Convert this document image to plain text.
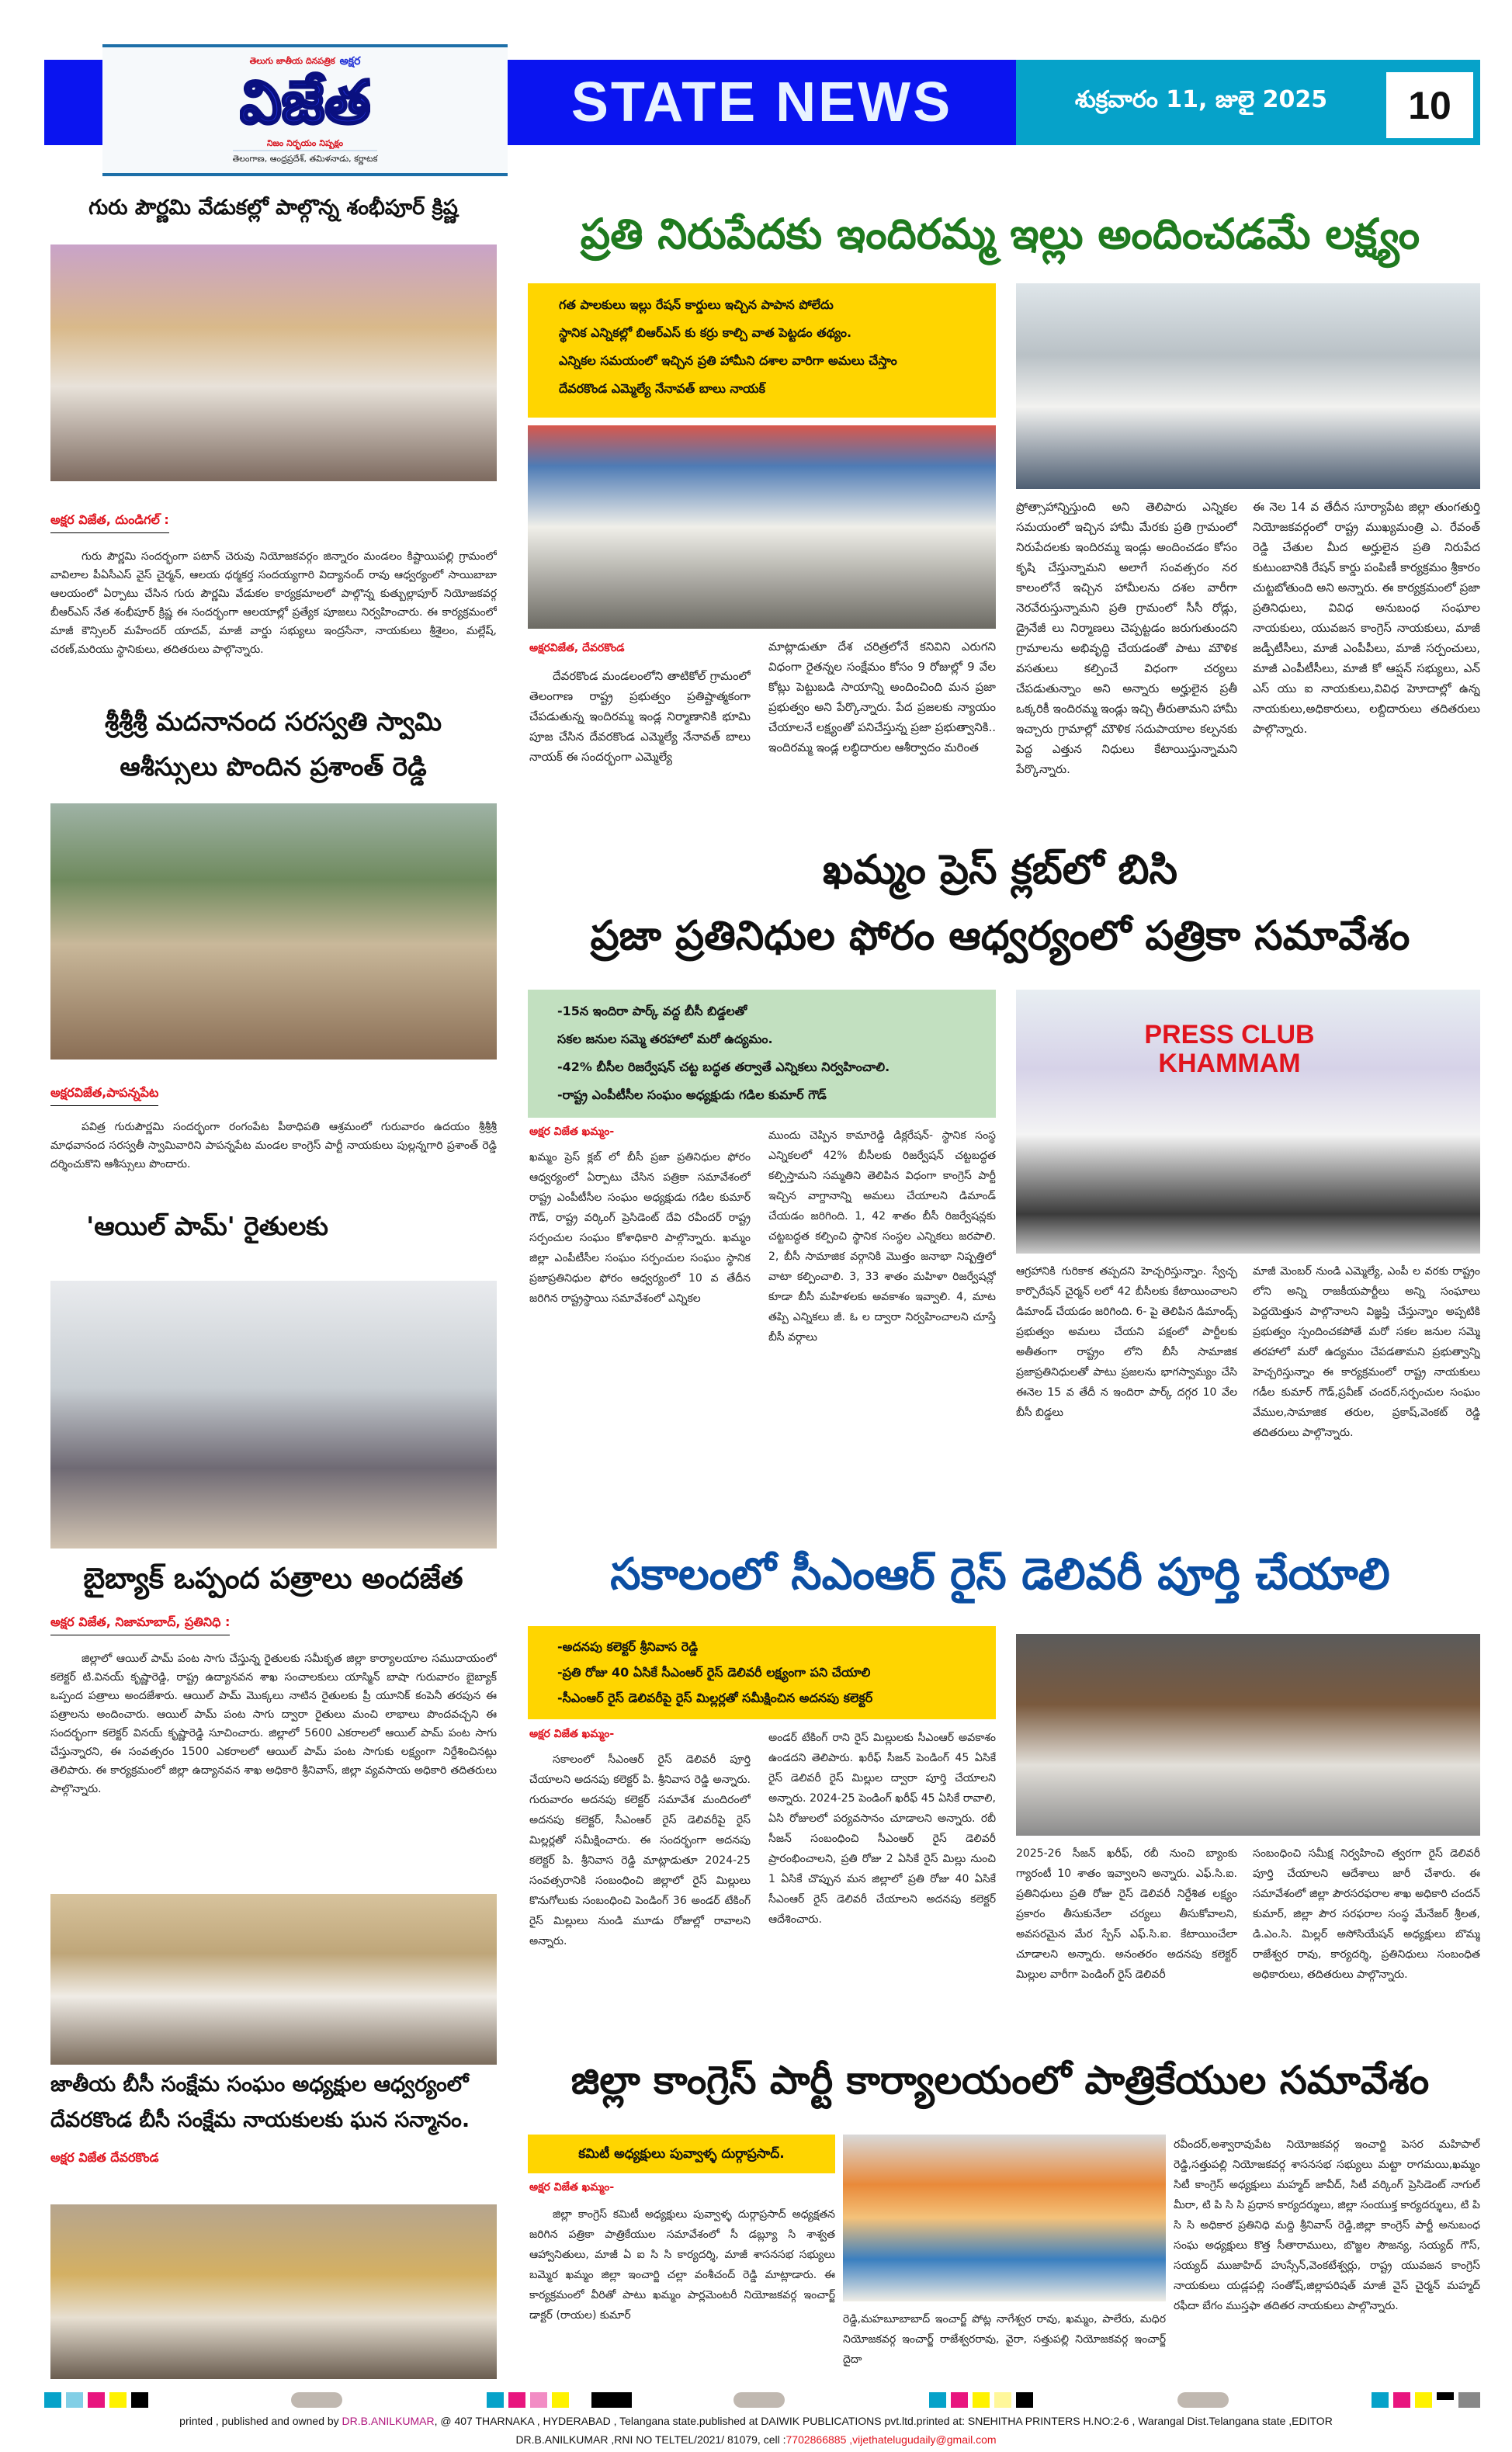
తెలుగు జాతీయ దినపత్రిక అక్షర
విజేత
నిజం నిర్భయం నిష్పక్షం
తెలంగాణ, ఆంధ్రప్రదేశ్, తమిళనాడు, కర్ణాటక
STATE NEWS	శుక్రవారం 11, జులై 2025	10
గురు పౌర్ణమి వేడుకల్లో పాల్గొన్న శంభీపూర్ క్రిష్ణ
అక్షర విజేత, దుండిగల్ :
గురు పౌర్ణమి సందర్భంగా పటాన్ చెరువు నియోజకవర్గం జిన్నారం మండలం కిష్టాయిపల్లి గ్రామంలో వావిలాల పీఏసీఎస్ వైస్ చైర్మన్, ఆలయ ధర్మకర్త సందయ్యగారి విద్యానంద్ రావు ఆధ్వర్యంలో సాయిబాబా ఆలయంలో ఏర్పాటు చేసిన గురు పౌర్ణమి వేడుకల కార్యక్రమాలలో పాల్గొన్న కుత్బుల్లాపూర్ నియోజకవర్గ బీఆర్ఎస్ నేత శంభీపూర్ క్రిష్ణ ఈ సందర్భంగా ఆలయాల్లో ప్రత్యేక పూజలు నిర్వహించారు. ఈ కార్యక్రమంలో మాజీ కౌన్సిలర్ మహేందర్ యాదవ్, మాజీ వార్డు సభ్యులు ఇంద్రసేనా, నాయకులు శ్రీశైలం, మల్లేష్, చరణ్,మరియు స్థానికులు, తదితరులు పాల్గొన్నారు.
శ్రీశ్రీశ్రీ మదనానంద సరస్వతి స్వామి
ఆశీస్సులు పొందిన ప్రశాంత్ రెడ్డి
అక్షరవిజేత,పాపన్నపేట
పవిత్ర గురుపౌర్ణమి సందర్భంగా రంగంపేట పీఠాధిపతి ఆశ్రమంలో గురువారం ఉదయం శ్రీశ్రీశ్రీ మాధవానంద సరస్వతీ స్వామివారిని పాపన్నపేట మండల కాంగ్రెస్ పార్టీ నాయకులు పుల్లన్నగారి ప్రశాంత్ రెడ్డి దర్శించుకొని ఆశీస్సులు పొందారు.
'ఆయిల్ పామ్' రైతులకు
బైబ్యాక్ ఒప్పంద పత్రాలు అందజేత
అక్షర విజేత, నిజామాబాద్, ప్రతినిధి :
జిల్లాలో ఆయిల్ పామ్ పంట సాగు చేస్తున్న రైతులకు సమీకృత జిల్లా కార్యాలయాల సముదాయంలో కలెక్టర్ టి.వినయ్ కృష్ణారెడ్డి, రాష్ట్ర ఉద్యానవన శాఖ సంచాలకులు యాస్మిన్ బాషా గురువారం బైబ్యాక్ ఒప్పంద పత్రాలు అందజేశారు. ఆయిల్ పామ్ మొక్కలు నాటిన రైతులకు ప్రీ యూనిక్ కంపెనీ తరపున ఈ పత్రాలను అందించారు. ఆయిల్ పామ్ పంట సాగు ద్వారా రైతులు మంచి లాభాలు పొందవచ్చని ఈ సందర్భంగా కలెక్టర్ వినయ్ కృష్ణారెడ్డి సూచించారు. జిల్లాలో 5600 ఎకరాలలో ఆయిల్ పామ్ పంట సాగు చేస్తున్నారని, ఈ సంవత్సరం 1500 ఎకరాలలో ఆయిల్ పామ్ పంట సాగుకు లక్ష్యంగా నిర్దేశించినట్లు తెలిపారు. ఈ కార్యక్రమంలో జిల్లా ఉద్యానవన శాఖ అధికారి శ్రీనివాస్, జిల్లా వ్యవసాయ అధికారి తదితరులు పాల్గొన్నారు.
జాతీయ బీసీ సంక్షేమ సంఘం అధ్యక్షుల ఆధ్వర్యంలో
దేవరకొండ బీసీ సంక్షేమ నాయకులకు ఘన సన్మానం.
అక్షర విజేత దేవరకొండ
ప్రతి నిరుపేదకు ఇందిరమ్మ ఇల్లు అందించడమే లక్ష్యం
గత పాలకులు ఇల్లు రేషన్ కార్డులు ఇచ్చిన పాపాన పోలేదు
స్థానిక ఎన్నికల్లో బిఆర్ఎస్ కు కర్రు కాల్చి వాత పెట్టడం తథ్యం.
ఎన్నికల సమయంలో ఇచ్చిన ప్రతి హామీని దశాల వారిగా అమలు చేస్తాం
దేవరకొండ ఎమ్మెల్యే నేనావత్ బాలు నాయక్
అక్షరవిజేత, దేవరకొండ
దేవరకొండ మండలంలోని తాటికోల్ గ్రామంలో తెలంగాణ రాష్ట్ర ప్రభుత్వం ప్రతిష్టాత్మకంగా చేపడుతున్న ఇందిరమ్మ ఇండ్ల నిర్మాణానికి భూమి పూజ చేసిన దేవరకొండ ఎమ్మెల్యే నేనావత్ బాలు నాయక్ ఈ సందర్భంగా ఎమ్మెల్యే
మాట్లాడుతూ దేశ చరిత్రలోనే కనివిని ఎరుగని విధంగా రైతన్నల సంక్షేమం కోసం 9 రోజుల్లో 9 వేల కోట్లు పెట్టుబడి సాయాన్ని అందించింది మన ప్రజా ప్రభుత్వం అని పేర్కొన్నారు. పేద ప్రజలకు న్యాయం చేయాలనే లక్ష్యంతో పనిచేస్తున్న ప్రజా ప్రభుత్వానికి.. ఇందిరమ్మ ఇండ్ల లబ్ధిదారుల ఆశీర్వాదం మరింత
ప్రోత్సాహాన్నిస్తుంది అని తెలిపారు ఎన్నికల సమయంలో ఇచ్చిన హామీ మేరకు ప్రతి గ్రామంలో నిరుపేదలకు ఇందిరమ్మ ఇండ్లు అందించడం కోసం కృషి చేస్తున్నామని అలాగే సంవత్సరం నర కాలంలోనే ఇచ్చిన హామీలను దశల వారీగా నెరవేరుస్తున్నామని ప్రతి గ్రామంలో సీసీ రోడ్లు, డ్రైనేజీ లు నిర్మాణలు చెప్పట్టడం జరుగుతుందని గ్రామాలను అభివృద్ధి చేయడంతో పాటు మౌళిక వసతులు కల్పించే విధంగా చర్యలు చేపడుతున్నాం అని అన్నారు అర్హులైన ప్రతీ ఒక్కరికీ ఇందిరమ్మ ఇండ్లు ఇచ్చి తీరుతామని హామీ ఇచ్చారు గ్రామాల్లో మౌళిక సదుపాయాల కల్పనకు పెద్ద ఎత్తున నిధులు కేటాయిస్తున్నామని పేర్కొన్నారు.
ఈ నెల 14 వ తేదీన సూర్యాపేట జిల్లా తుంగతుర్తి నియోజకవర్గంలో రాష్ట్ర ముఖ్యమంత్రి ఎ. రేవంత్ రెడ్డి చేతుల మీద అర్హులైన ప్రతి నిరుపేద కుటుంబానికి రేషన్ కార్డు పంపిణీ కార్యక్రమం శ్రీకారం చుట్టబోతుంది అని అన్నారు. ఈ కార్యక్రమంలో ప్రజా ప్రతినిధులు, వివిధ అనుబంధ సంఘాల నాయకులు, యువజన కాంగ్రెస్ నాయకులు, మాజీ జడ్పీటీసీలు, మాజీ ఎంపీపీలు, మాజీ సర్పంచులు, మాజీ ఎంపీటీసీలు, మాజీ కో ఆప్షన్ సభ్యులు, ఎన్ ఎస్ యు ఐ నాయకులు,వివిధ హెూదాల్లో ఉన్న నాయకులు,అధికారులు, లబ్దిదారులు తదితరులు పాల్గొన్నారు.
ఖమ్మం ప్రెస్ క్లబ్‌లో బిసి
ప్రజా ప్రతినిధుల ఫోరం ఆధ్వర్యంలో పత్రికా సమావేశం
-15న ఇందిరా పార్క్ వద్ద బీసీ బిడ్డలతో
సకల జనుల సమ్మె తరహాలో మరో ఉద్యమం.
-42% బీసీల రిజర్వేషన్ చట్ట బద్ధత తర్వాతే ఎన్నికలు నిర్వహించాలి.
-రాష్ట్ర ఎంపీటీసీల సంఘం అధ్యక్షుడు గడిల కుమార్ గౌడ్
PRESS CLUB KHAMMAM
అక్షర విజేత ఖమ్మం-
ఖమ్మం ప్రెస్ క్లబ్ లో బీసీ ప్రజా ప్రతినిధుల ఫోరం ఆధ్వర్యంలో ఏర్పాటు చేసిన పత్రికా సమావేశంలో రాష్ట్ర ఎంపీటీసీల సంఘం అధ్యక్షుడు గడిల కుమార్ గౌడ్, రాష్ట్ర వర్కింగ్ ప్రెసిడెంట్ దేవి రవీందర్ రాష్ట్ర సర్పంచుల సంఘం కోశాధికారి పాల్గొన్నారు. ఖమ్మం జిల్లా ఎంపీటీసీల సంఘం సర్పంచుల సంఘం స్థానిక ప్రజాప్రతినిధుల ఫోరం ఆధ్వర్యంలో 10 వ తేదీన జరిగిన రాష్ట్రస్థాయి సమావేశంలో ఎన్నికల
ముందు చెప్పిన కామారెడ్డి డిక్లరేషన్- స్థానిక సంస్థ ఎన్నికలలో 42% బీసీలకు రిజర్వేషన్ చట్టబద్ధత కల్పిస్తామని సమ్మతిని తెలిపిన విధంగా కాంగ్రెస్ పార్టీ ఇచ్చిన వాగ్దానాన్ని అమలు చేయాలని డిమాండ్ చేయడం జరిగింది. 1, 42 శాతం బీసీ రిజర్వేషన్లకు చట్టబద్ధత కల్పించి స్థానిక సంస్థల ఎన్నికలు జరపాలి. 2, బీసీ సామాజిక వర్గానికి మొత్తం జనాభా నిష్పత్తిలో వాటా కల్పించాలి. 3, 33 శాతం మహిళా రిజర్వేషన్లో కూడా బీసీ మహిళలకు అవకాశం ఇవ్వాలి. 4, మాట తప్పి ఎన్నికలు జీ. ఓ ల ద్వారా నిర్వహించాలని చూస్తే బీసీ వర్గాలు
ఆగ్రహానికి గురికాక తప్పదని హెచ్చరిస్తున్నాం. స్వేచ్ఛ కార్పొరేషన్ చైర్మన్ లలో 42 బీసీలకు కేటాయించాలని డిమాండ్ చేయడం జరిగింది. 6- పై తెలిపిన డిమాండ్స్ ప్రభుత్వం అమలు చేయని పక్షంలో పార్టీలకు అతీతంగా రాష్ట్రం లోని బీసీ సామాజిక ప్రజాప్రతినిధులతో పాటు ప్రజలను భాగస్వామ్యం చేసి ఈనెల 15 వ తేదీ న ఇందిరా పార్క్ దగ్గర 10 వేల బీసీ బిడ్డలు
మాజీ మెంబర్ నుండి ఎమ్మెల్యే, ఎంపీ ల వరకు రాష్ట్రం లోని అన్ని రాజకీయపార్టీలు అన్ని సంఘాలు పెద్దయెత్తున పాల్గొనాలని విజ్ఞప్తి చేస్తున్నాం అప్పటికి ప్రభుత్వం స్పందించకపోతే మరో సకల జనుల సమ్మె తరహాలో మరో ఉద్యమం చేపడతామని ప్రభుత్వాన్ని హెచ్చరిస్తున్నాం ఈ కార్యక్రమంలో రాష్ట్ర నాయకులు గడీల కుమార్ గౌడ్,ప్రవీణ్ చందర్,సర్పంచుల సంఘం వేముల,సామాజిక తరుల, ప్రకాష్,వెంకట్ రెడ్డి తదితరులు పాల్గొన్నారు.
సకాలంలో సీఎంఆర్ రైస్ డెలివరీ పూర్తి చేయాలి
-అదనపు కలెక్టర్ శ్రీనివాస రెడ్డి
-ప్రతి రోజు 40 ఏసికే సీఎంఆర్ రైస్ డెలివరీ లక్ష్యంగా పని చేయాలి
-సీఎంఆర్ రైస్ డెలివరీపై రైస్ మిల్లర్లతో సమీక్షించిన అదనపు కలెక్టర్
అక్షర విజేత ఖమ్మం-
సకాలంలో సీఎంఆర్ రైస్ డెలివరీ పూర్తి చేయాలని అదనపు కలెక్టర్ పి. శ్రీనివాస రెడ్డి అన్నారు. గురువారం అదనపు కలెక్టర్ సమావేశ మందిరంలో అదనపు కలెక్టర్, సీఎంఆర్ రైస్ డెలివరీపై రైస్ మిల్లర్లతో సమీక్షించారు. ఈ సందర్భంగా అదనపు కలెక్టర్ పి. శ్రీనివాస రెడ్డి మాట్లాడుతూ 2024-25 సంవత్సరానికి సంబంధించి జిల్లాలో రైస్ మిల్లులు కొనుగోలుకు సంబంధించి పెండింగ్ 36 అండర్ టేకింగ్ రైస్ మిల్లులు నుండి మూడు రోజుల్లో రావాలని అన్నారు.
అండర్ టేకింగ్ రాని రైస్ మిల్లులకు సీఎంఆర్ అవకాశం ఉండదని తెలిపారు. ఖరీఫ్ సీజన్ పెండింగ్ 45 ఏసికే రైస్ డెలివరీ రైస్ మిల్లుల ద్వారా పూర్తి చేయాలని అన్నారు. 2024-25 పెండింగ్ ఖరీఫ్ 45 ఏసికే రావాలి, ఏసి రోజులలో పర్యవసానం చూడాలని అన్నారు. రబీ సీజన్ సంబంధించి సీఎంఆర్ రైస్ డెలివరీ ప్రారంభించాలని, ప్రతి రోజు 2 ఏసికే రైస్ మిల్లు నుంచి 1 ఏసికే చొప్పున మన జిల్లాలో ప్రతి రోజు 40 ఏసికే సీఎంఆర్ రైస్ డెలివరీ చేయాలని అదనపు కలెక్టర్ ఆదేశించారు.
2025-26 సీజన్ ఖరీఫ్, రబీ నుంచి బ్యాంకు గ్యారంటీ 10 శాతం ఇవ్వాలని అన్నారు. ఎఫ్.సి.ఐ. ప్రతినిధులు ప్రతి రోజు రైస్ డెలివరీ నిర్దేశిత లక్ష్యం ప్రకారం తీసుకునేలా చర్యలు తీసుకోవాలని, అవసరమైన మేర స్పేస్ ఎఫ్.సి.ఐ. కేటాయించేలా చూడాలని అన్నారు. అనంతరం అదనపు కలెక్టర్ మిల్లుల వారీగా పెండింగ్ రైస్ డెలివరీ
సంబంధించి సమీక్ష నిర్వహించి త్వరగా రైస్ డెలివరీ పూర్తి చేయాలని ఆదేశాలు జారీ చేశారు. ఈ సమావేశంలో జిల్లా పౌరసరఫరాల శాఖ అధికారి చందన్ కుమార్, జిల్లా పౌర సరఫరాల సంస్థ మేనేజర్ శ్రీలత, డి.ఎం.సి. మిల్లర్ అసోసియేషన్ అధ్యక్షులు బొమ్మ రాజేశ్వర రావు, కార్యదర్శి, ప్రతినిధులు సంబంధిత అధికారులు, తదితరులు పాల్గొన్నారు.
జిల్లా కాంగ్రెస్ పార్టీ కార్యాలయంలో పాత్రికేయుల సమావేశం
కమిటీ అధ్యక్షులు పువ్వాళ్ళ దుర్గాప్రసాద్.
అక్షర విజేత ఖమ్మం-
జిల్లా కాంగ్రెస్ కమిటీ అధ్యక్షులు పువ్వాళ్ళ దుర్గాప్రసాద్ అధ్యక్షతన జరిగిన పత్రికా పాత్రికేయుల సమావేశంలో సీ డబ్ల్యూ సి శాశ్వత ఆహ్వానితులు, మాజీ ఏ ఐ సి సి కార్యదర్శి, మాజీ శాసనసభ సభ్యులు బమ్మెర ఖమ్మం జిల్లా ఇంచార్జి చల్లా వంశీచంద్ రెడ్డి మాట్లాడారు. ఈ కార్యక్రమంలో వీరితో పాటు ఖమ్మం పార్లమెంటరీ నియోజకవర్గ ఇంచార్జ్ డాక్టర్ (రాయల) కుమార్	రెడ్డి,మహబూబాబాద్ ఇంచార్జ్ పోట్ల నాగేశ్వర రావు, ఖమ్మం, పాలేరు, మధిర నియోజకవర్గ ఇంచార్జ్ రాజేశ్వరరావు, వైరా, సత్తుపల్లి నియోజకవర్గ ఇంచార్జ్ దైదా
రవీందర్,అశ్వారావుపేట నియోజకవర్గ ఇంచార్జి పెసర మహిపాల్ రెడ్డి,సత్తుపల్లి నియోజకవర్గ శాసనసభ సభ్యులు మట్టా రాగమయి,ఖమ్మం సిటీ కాంగ్రెస్ అధ్యక్షులు మహ్మద్ జావీద్, సిటీ వర్కింగ్ ప్రెసిడెంట్ నాగుల్ మీరా, టి పి సి సి ప్రధాన కార్యదర్శులు, జిల్లా సంయుక్త కార్యదర్శులు, టి పి సి సి అధికార ప్రతినిధి మద్ది శ్రీనివాస్ రెడ్డి,జిల్లా కాంగ్రెస్ పార్టీ అనుబంధ సంఘ అధ్యక్షులు కొత్త సీతారాములు, బొజ్జల సౌజన్య, సయ్యద్ గౌస్, సయ్యద్ ముజాహిద్ హుస్సేన్,వెంకటేశ్వర్లు, రాష్ట్ర యువజన కాంగ్రెస్ నాయకులు యడ్లపల్లి సంతోష్,జిల్లాపరిషత్ మాజీ వైస్ చైర్మన్ మహ్మద్ రఫీదా బేగం ముస్తఫా తదితర నాయకులు పాల్గొన్నారు.
printed , published and owned by DR.B.ANILKUMAR, @ 407 THARNAKA , HYDERABAD , Telangana state.published at DAIWIK PUBLICATIONS pvt.ltd.printed at: SNEHITHA PRINTERS H.NO:2-6 , Warangal Dist.Telangana state ,EDITOR
DR.B.ANILKUMAR ,RNI NO TELTEL/2021/ 81079, cell :7702866885 ,vijethatelugudaily@gmail.com
